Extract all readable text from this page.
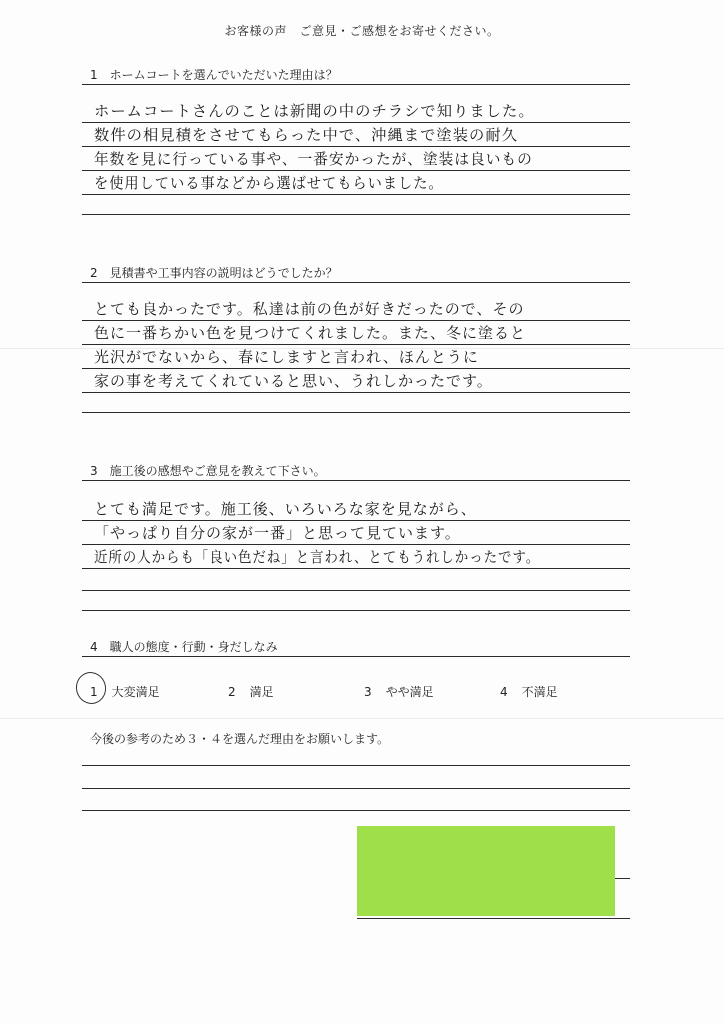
お客様の声　ご意見・ご感想をお寄せください。
1　ホームコートを選んでいただいた理由は？
ホームコートさんのことは新聞の中のチラシで知りました。
数件の相見積をさせてもらった中で、沖縄まで塗装の耐久
年数を見に行っている事や、一番安かったが、塗装は良いもの
を使用している事などから選ばせてもらいました。
2　見積書や工事内容の説明はどうでしたか？
とても良かったです。私達は前の色が好きだったので、その
色に一番ちかい色を見つけてくれました。また、冬に塗ると
光沢がでないから、春にしますと言われ、ほんとうに
家の事を考えてくれていると思い、うれしかったです。
3　施工後の感想やご意見を教えて下さい。
とても満足です。施工後、いろいろな家を見ながら、
「やっぱり自分の家が一番」と思って見ています。
近所の人からも「良い色だね」と言われ、とてもうれしかったです。
4　職人の態度・行動・身だしなみ
1 大変満足	2 満足	3 やや満足	4 不満足
今後の参考のため３・４を選んだ理由をお願いします。
